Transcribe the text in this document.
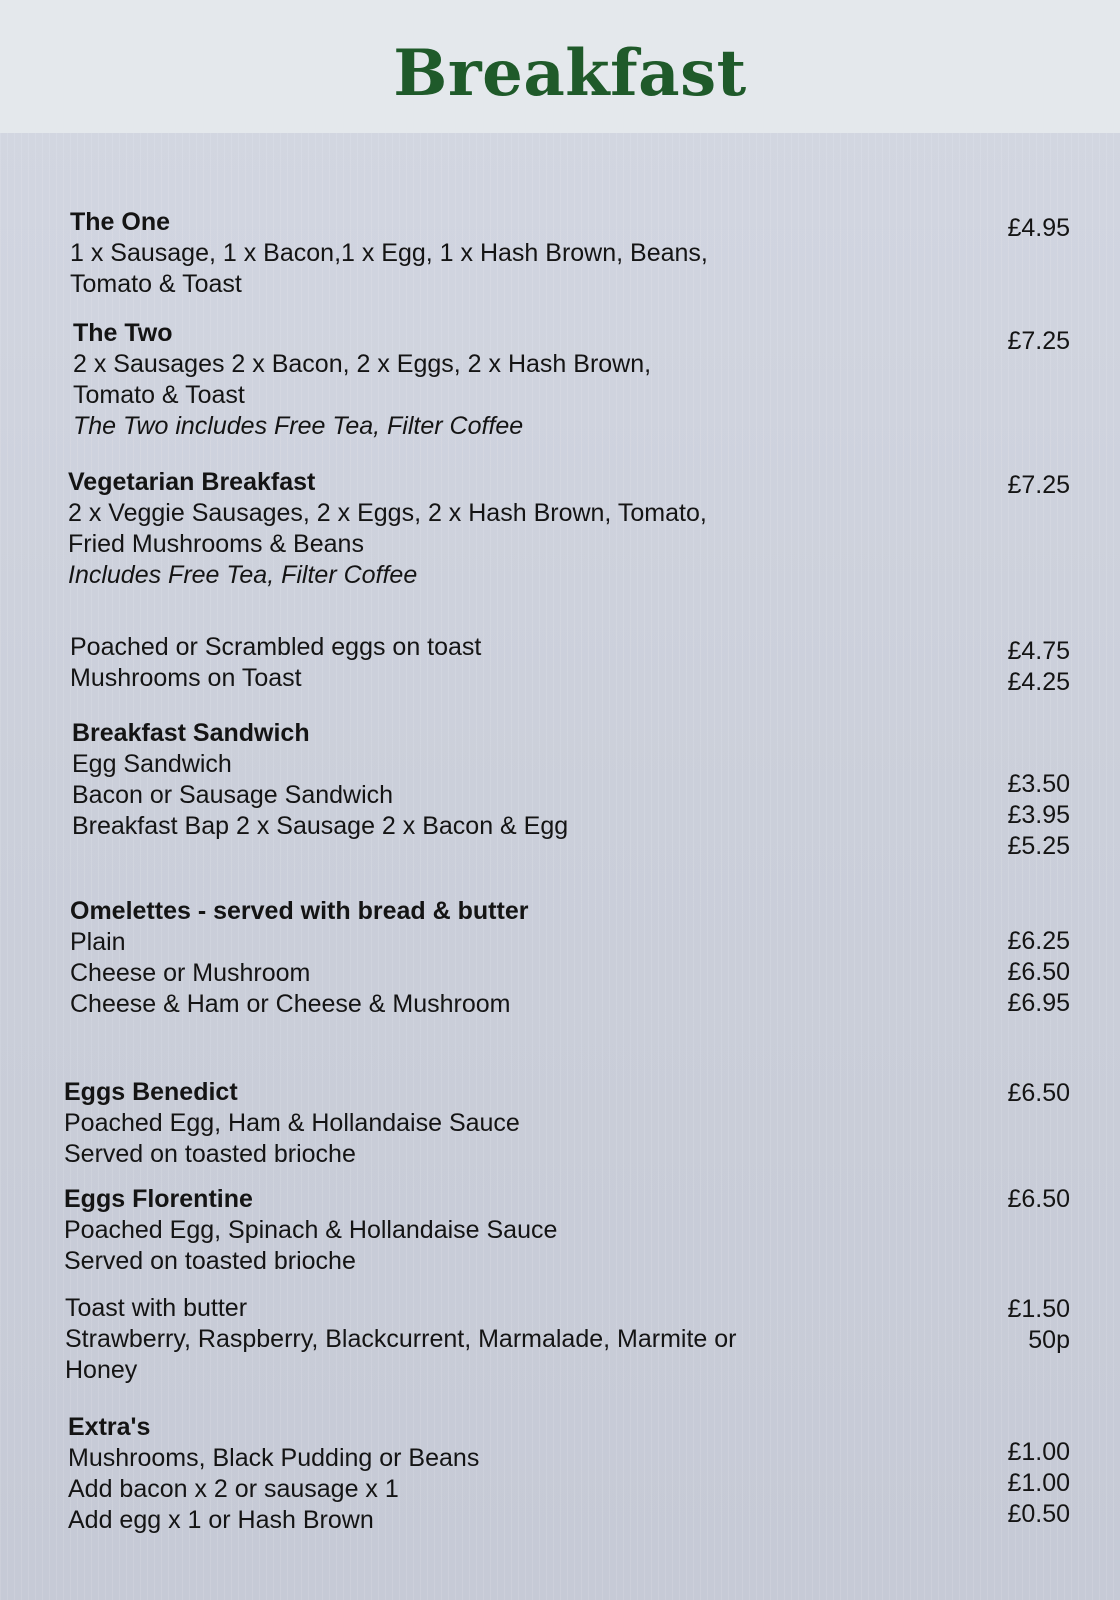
Breakfast
The One
1 x Sausage, 1 x Bacon,1 x Egg, 1 x Hash Brown, Beans,
Tomato & Toast
£4.95
The Two
2 x Sausages 2 x Bacon, 2 x Eggs, 2 x Hash Brown,
Tomato & Toast
The Two includes Free Tea, Filter Coffee
£7.25
Vegetarian Breakfast
2 x Veggie Sausages, 2 x Eggs, 2 x Hash Brown, Tomato,
Fried Mushrooms & Beans
Includes Free Tea, Filter Coffee
£7.25
Poached or Scrambled eggs on toast
Mushrooms on Toast
£4.75
£4.25
Breakfast Sandwich
Egg Sandwich
Bacon or Sausage Sandwich
Breakfast Bap 2 x Sausage 2 x Bacon & Egg
£3.50
£3.95
£5.25
Omelettes - served with bread & butter
Plain
Cheese or Mushroom
Cheese & Ham or Cheese & Mushroom
£6.25
£6.50
£6.95
Eggs Benedict
Poached Egg, Ham & Hollandaise Sauce
Served on toasted brioche
£6.50
Eggs Florentine
Poached Egg, Spinach & Hollandaise Sauce
Served on toasted brioche
£6.50
Toast with butter
Strawberry, Raspberry, Blackcurrent, Marmalade, Marmite or
Honey
£1.50
50p
Extra's
Mushrooms, Black Pudding or Beans
Add bacon x 2 or sausage x 1
Add egg x 1 or Hash Brown
£1.00
£1.00
£0.50
